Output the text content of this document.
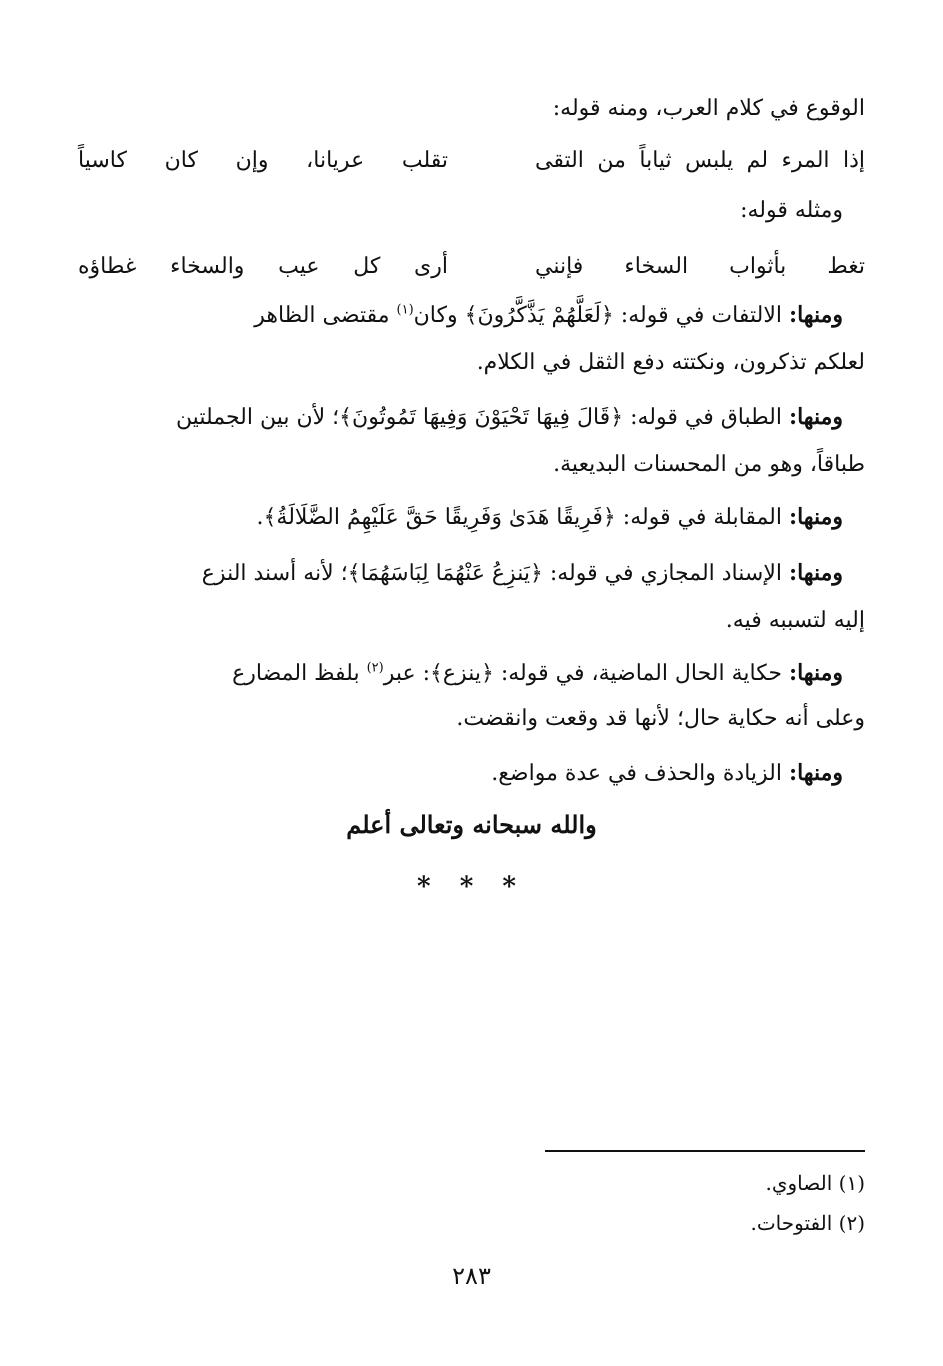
الوقوع في كلام العرب، ومنه قوله:
إذا المرء لم يلبس ثياباً من التقى
تقلب عريانا، وإن كان كاسياً
ومثله قوله:
تغط بأثواب السخاء فإنني
أرى كل عيب والسخاء غطاؤه
ومنها: الالتفات في قوله: ﴿لَعَلَّهُمْ يَذَّكَّرُونَ﴾ وكان$^{(١)}$ مقتضى الظاهر
لعلكم تذكرون، ونكتته دفع الثقل في الكلام.
ومنها: الطباق في قوله: ﴿قَالَ فِيهَا تَحْيَوْنَ وَفِيهَا تَمُوتُونَ﴾؛ لأن بين الجملتين
طباقاً، وهو من المحسنات البديعية.
ومنها: المقابلة في قوله: ﴿فَرِيقًا هَدَىٰ وَفَرِيقًا حَقَّ عَلَيْهِمُ الضَّلَالَةُ﴾.
ومنها: الإسناد المجازي في قوله: ﴿يَنزِعُ عَنْهُمَا لِبَاسَهُمَا﴾؛ لأنه أسند النزع
إليه لتسببه فيه.
ومنها: حكاية الحال الماضية، في قوله: ﴿ينزع﴾: عبر$^{(٢)}$ بلفظ المضارع
وعلى أنه حكاية حال؛ لأنها قد وقعت وانقضت.
ومنها: الزيادة والحذف في عدة مواضع.
والله سبحانه وتعالى أعلم
* * *
(١) الصاوي.
(٢) الفتوحات.
٢٨٣
